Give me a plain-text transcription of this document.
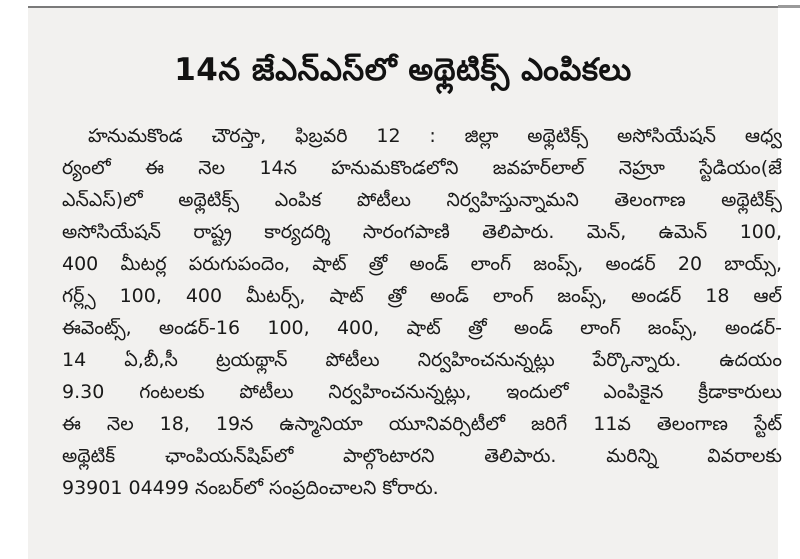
14న జేఎన్ఎస్‌లో అథ్లెటిక్స్ ఎంపికలు
హనుమకొండ చౌరస్తా, ఫిబ్రవరి 12 : జిల్లా అథ్లెటిక్స్ అసోసియేషన్ ఆధ్వ
ర్యంలో ఈ నెల 14న హనుమకొండలోని జవహర్‌లాల్ నెహ్రూ స్టేడియం(జే
ఎన్ఎస్)లో అథ్లెటిక్స్ ఎంపిక పోటీలు నిర్వహిస్తున్నామని తెలంగాణ అథ్లెటిక్స్
అసోసియేషన్ రాష్ట్ర కార్యదర్శి సారంగపాణి తెలిపారు. మెన్, ఉమెన్ 100,
400 మీటర్ల పరుగుపందెం, షాట్ త్రో అండ్ లాంగ్ జంప్స్, అండర్ 20 బాయ్స్,
గర్ల్స్ 100, 400 మీటర్స్, షాట్ త్రో అండ్ లాంగ్ జంప్స్, అండర్ 18 ఆల్
ఈవెంట్స్, అండర్-16 100, 400, షాట్ త్రో అండ్ లాంగ్ జంప్స్, అండర్-
14 ఏ,బీ,సీ ట్రయథ్లాన్ పోటీలు నిర్వహించనున్నట్లు పేర్కొన్నారు. ఉదయం
9.30 గంటలకు పోటీలు నిర్వహించనున్నట్లు, ఇందులో ఎంపికైన క్రీడాకారులు
ఈ నెల 18, 19న ఉస్మానియా యూనివర్సిటీలో జరిగే 11వ తెలంగాణ స్టేట్
అథ్లెటిక్ ఛాంపియన్‌షిప్‌లో పాల్గొంటారని తెలిపారు. మరిన్ని వివరాలకు
93901 04499 నంబర్‌లో సంప్రదించాలని కోరారు.
